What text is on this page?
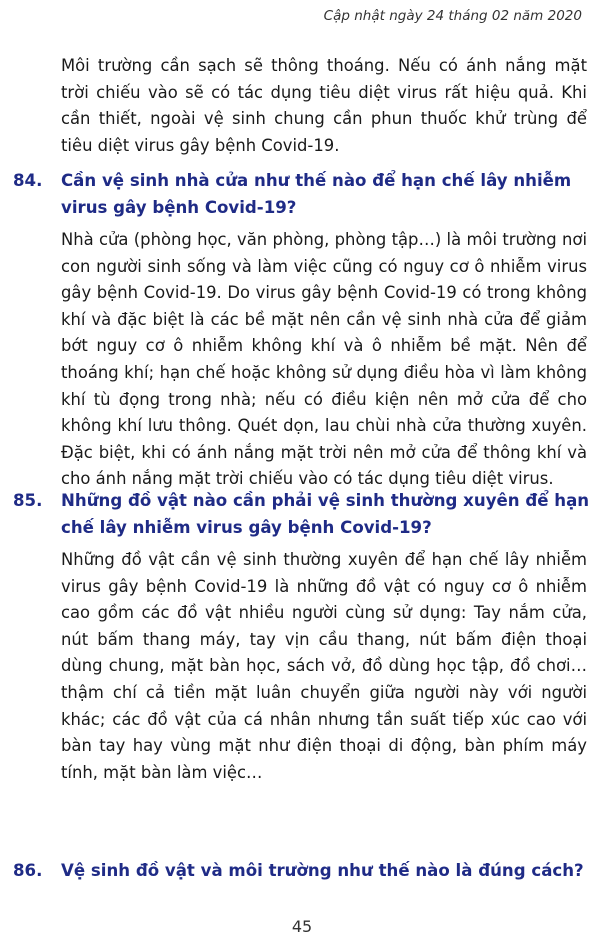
Cập nhật ngày 24 tháng 02 năm 2020

Môi trường cần sạch sẽ thông thoáng. Nếu có ánh nắng mặt trời chiếu vào sẽ có tác dụng tiêu diệt virus rất hiệu quả. Khi cần thiết, ngoài vệ sinh chung cần phun thuốc khử trùng để tiêu diệt virus gây bệnh Covid-19.

84.	Cần vệ sinh nhà cửa như thế nào để hạn chế lây nhiễm virus gây bệnh Covid-19?

Nhà cửa (phòng học, văn phòng, phòng tập…) là môi trường nơi con người sinh sống và làm việc cũng có nguy cơ ô nhiễm virus gây bệnh Covid-19. Do virus gây bệnh Covid-19 có trong không khí và đặc biệt là các bề mặt nên cần vệ sinh nhà cửa để giảm bớt nguy cơ ô nhiễm không khí và ô nhiễm bề mặt. Nên để thoáng khí; hạn chế hoặc không sử dụng điều hòa vì làm không khí tù đọng trong nhà; nếu có điều kiện nên mở cửa để cho không khí lưu thông. Quét dọn, lau chùi nhà cửa thường xuyên. Đặc biệt, khi có ánh nắng mặt trời nên mở cửa để thông khí và cho ánh nắng mặt trời chiếu vào có tác dụng tiêu diệt virus.

85.	Những đồ vật nào cần phải vệ sinh thường xuyên để hạn chế lây nhiễm virus gây bệnh Covid-19?

Những đồ vật cần vệ sinh thường xuyên để hạn chế lây nhiễm virus gây bệnh Covid-19 là những đồ vật có nguy cơ ô nhiễm cao gồm các đồ vật nhiều người cùng sử dụng: Tay nắm cửa, nút bấm thang máy, tay vịn cầu thang, nút bấm điện thoại dùng chung, mặt bàn học, sách vở, đồ dùng học tập, đồ chơi… thậm chí cả tiền mặt luân chuyển giữa người này với người khác; các đồ vật của cá nhân nhưng tần suất tiếp xúc cao với bàn tay hay vùng mặt như điện thoại di động, bàn phím máy tính, mặt bàn làm việc…

86.	Vệ sinh đồ vật và môi trường như thế nào là đúng cách?
45
